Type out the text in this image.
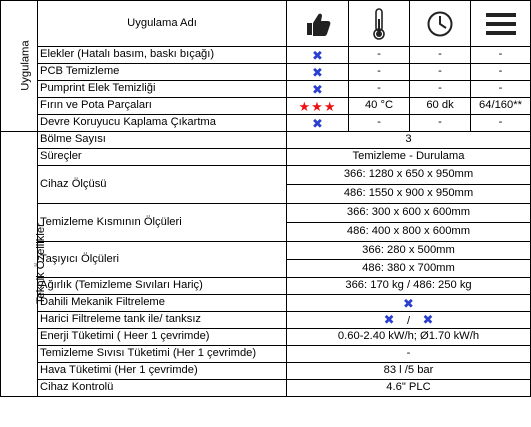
Uygulama	Uygulama Adı				
	Elekler (Hatalı basım, baskı bıçağı)	✖	-	-	-
	PCB Temizleme	✖	-	-	-
	Pumprint Elek Temizliği	✖	-	-	-
	Fırın ve Pota Parçaları	★★★	40 °C	60 dk	64/160**
	Devre Koruyucu Kaplama Çıkartma	✖	-	-	-
Teknik Özellikler	Bölme Sayısı	3			
	Süreçler	Temizleme - Durulama			
	Cihaz Ölçüsü	366: 1280 x 650 x 950mm			
		486: 1550 x 900 x 950mm			
	Temizleme Kısmının Ölçüleri	366: 300 x 600 x 600mm			
		486: 400 x 800 x 600mm			
	Taşıyıcı Ölçüleri	366: 280 x 500mm			
		486: 380 x 700mm			
	Ağırlık (Temizleme Sıvıları Hariç)	366: 170 kg / 486: 250 kg			
	Dahili Mekanik Filtreleme	✖			
	Harici Filtreleme tank ile/ tanksız	✖ / ✖			
	Enerji Tüketimi ( Heer 1 çevrimde)	0.60-2.40 kW/h; Ø1.70 kW/h			
	Temizleme Sıvısı Tüketimi (Her 1 çevrimde)	-			
	Hava Tüketimi (Her 1 çevrimde)	83 l /5 bar			
	Cihaz Kontrolü	4.6" PLC			
